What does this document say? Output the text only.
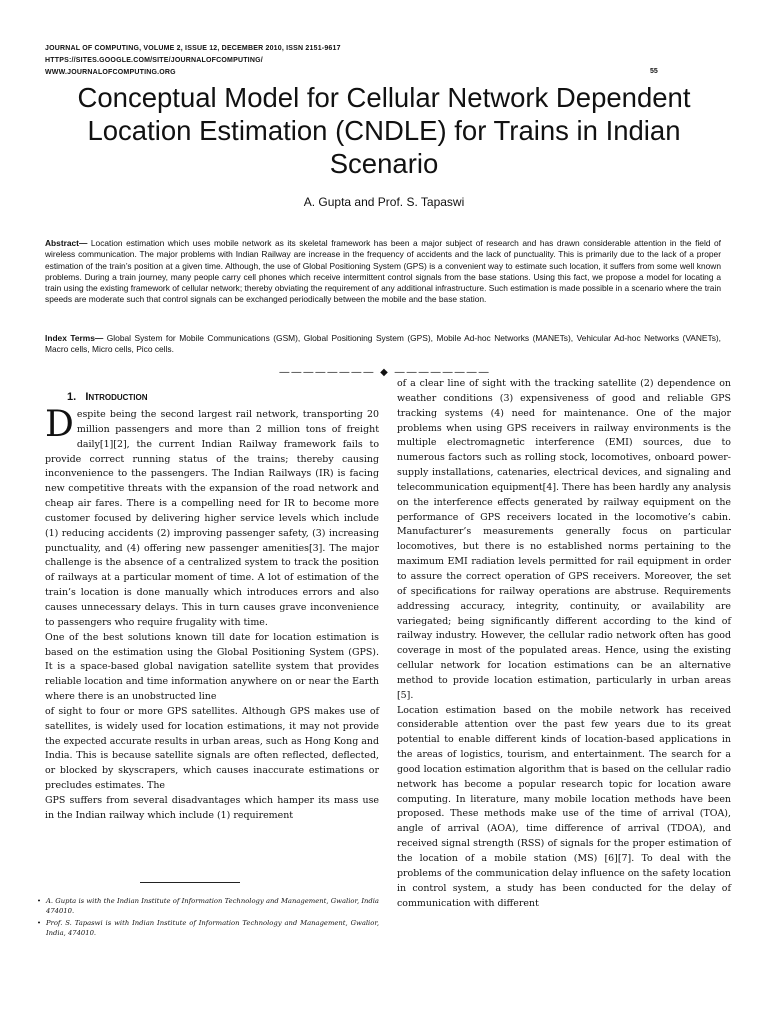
JOURNAL OF COMPUTING, VOLUME 2, ISSUE 12, DECEMBER 2010, ISSN 2151-9617
HTTPS://SITES.GOOGLE.COM/SITE/JOURNALOFCOMPUTING/
WWW.JOURNALOFCOMPUTING.ORG	55
Conceptual Model for Cellular Network Dependent Location Estimation (CNDLE) for Trains in Indian Scenario
A. Gupta and Prof. S. Tapaswi
Abstract— Location estimation which uses mobile network as its skeletal framework has been a major subject of research and has drawn considerable attention in the field of wireless communication. The major problems with Indian Railway are increase in the frequency of accidents and the lack of punctuality. This is primarily due to the lack of a proper estimation of the train’s position at a given time. Although, the use of Global Positioning System (GPS) is a convenient way to estimate such location, it suffers from some well known problems. During a train journey, many people carry cell phones which receive intermittent control signals from the base stations. Using this fact, we propose a model for locating a train using the existing framework of cellular network; thereby obviating the requirement of any additional infrastructure. Such estimation is made possible in a scenario where the train speeds are moderate such that control signals can be exchanged periodically between the mobile and the base station.
Index Terms— Global System for Mobile Communications (GSM), Global Positioning System (GPS), Mobile Ad-hoc Networks (MANETs), Vehicular Ad-hoc Networks (VANETs), Macro cells, Micro cells, Pico cells.
———————— ◆ ————————
1. Introduction

Despite being the second largest rail network, transporting 20 million passengers and more than 2 million tons of freight daily[1][2], the current Indian Railway framework fails to provide correct running status of the trains; thereby causing inconvenience to the passengers. The Indian Railways (IR) is facing new competitive threats with the expansion of the road network and cheap air fares. There is a compelling need for IR to become more customer focused by delivering higher service levels which include (1) reducing accidents (2) improving passenger safety, (3) increasing punctuality, and (4) offering new passenger amenities[3]. The major challenge is the absence of a centralized system to track the position of railways at a particular moment of time. A lot of estimation of the train’s location is done manually which introduces errors and also causes unnecessary delays. This in turn causes grave inconvenience to passengers who require frugality with time.

One of the best solutions known till date for location estimation is based on the estimation using the Global Positioning System (GPS). It is a space-based global navigation satellite system that provides reliable location and time information anywhere on or near the Earth where there is an unobstructed line

of sight to four or more GPS satellites. Although GPS makes use of satellites, is widely used for location estimations, it may not provide the expected accurate results in urban areas, such as Hong Kong and India. This is because satellite signals are often reflected, deflected, or blocked by skyscrapers, which causes inaccurate estimations or precludes estimates. The

GPS suffers from several disadvantages which hamper its mass use in the Indian railway which include (1) requirement

of a clear line of sight with the tracking satellite (2) dependence on weather conditions (3) expensiveness of good and reliable GPS tracking systems (4) need for maintenance. One of the major problems when using GPS receivers in railway environments is the multiple electromagnetic interference (EMI) sources, due to numerous factors such as rolling stock, locomotives, onboard power-supply installations, catenaries, electrical devices, and signaling and telecommunication equipment[4]. There has been hardly any analysis on the interference effects generated by railway equipment on the performance of GPS receivers located in the locomotive’s cabin. Manufacturer’s measurements generally focus on particular locomotives, but there is no established norms pertaining to the maximum EMI radiation levels permitted for rail equipment in order to assure the correct operation of GPS receivers. Moreover, the set of specifications for railway operations are abstruse. Requirements addressing accuracy, integrity, continuity, or availability are variegated; being significantly different according to the kind of railway industry. However, the cellular radio network often has good coverage in most of the populated areas. Hence, using the existing cellular network for location estimations can be an alternative method to provide location estimation, particularly in urban areas [5].

Location estimation based on the mobile network has received considerable attention over the past few years due to its great potential to enable different kinds of location-based applications in the areas of logistics, tourism, and entertainment. The search for a good location estimation algorithm that is based on the cellular radio network has become a popular research topic for location aware computing. In literature, many mobile location methods have been proposed. These methods make use of the time of arrival (TOA), angle of arrival (AOA), time difference of arrival (TDOA), and received signal strength (RSS) of signals for the proper estimation of the location of a mobile station (MS) [6][7]. To deal with the problems of the communication delay influence on the safety location in control system, a study has been conducted for the delay of communication with different

• A. Gupta is with the Indian Institute of Information Technology and Management, Gwalior, India 474010.
• Prof. S. Tapaswi is with Indian Institute of Information Technology and Management, Gwalior, India, 474010.
